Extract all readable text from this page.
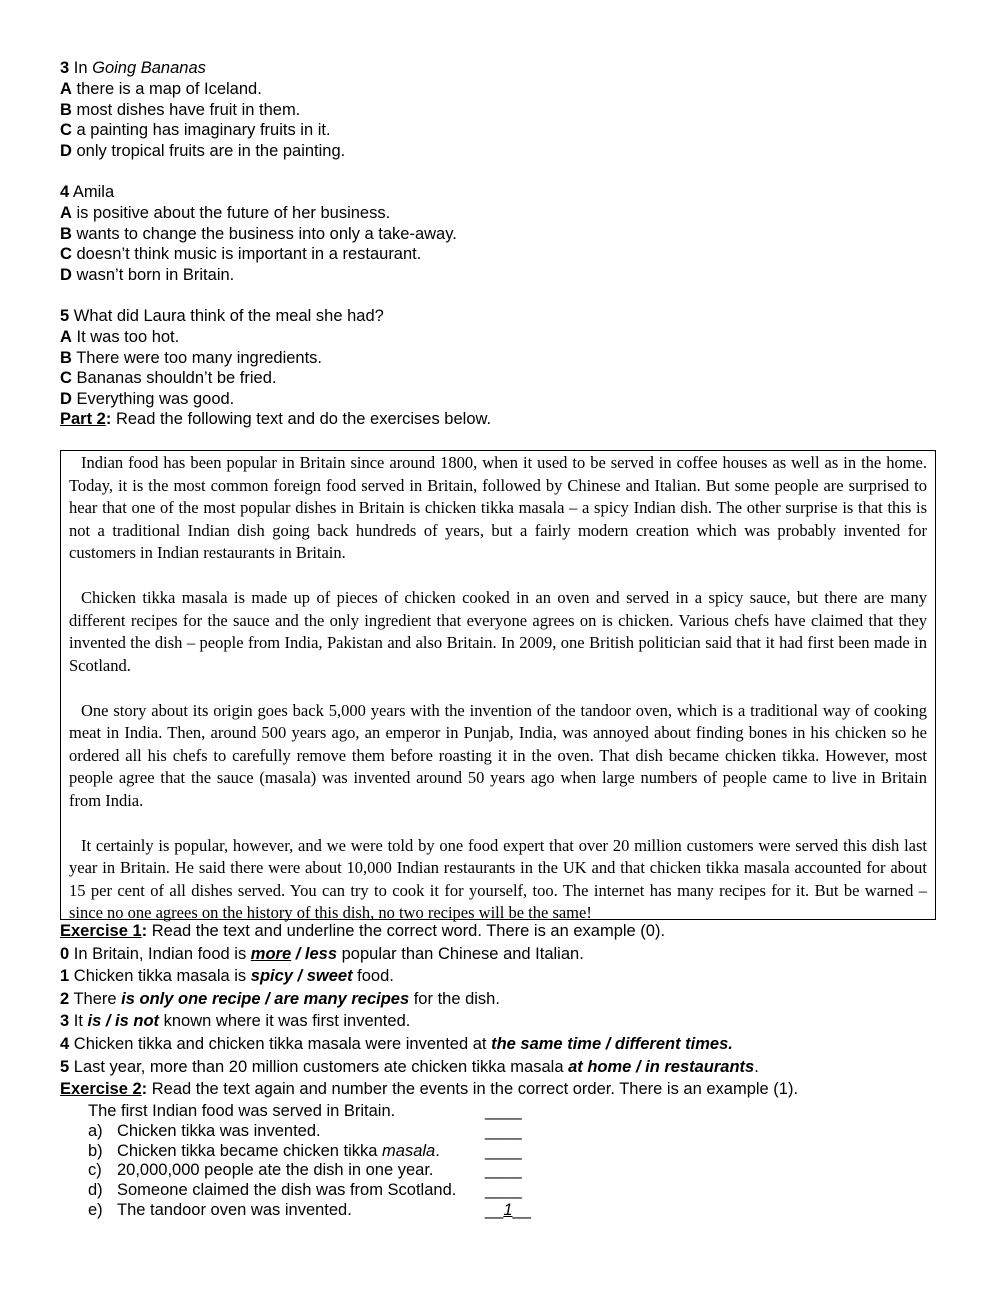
3 In Going Bananas
A there is a map of Iceland.
B most dishes have fruit in them.
C a painting has imaginary fruits in it.
D only tropical fruits are in the painting.
4 Amila
A is positive about the future of her business.
B wants to change the business into only a take-away.
C doesn’t think music is important in a restaurant.
D wasn’t born in Britain.
5 What did Laura think of the meal she had?
A It was too hot.
B There were too many ingredients.
C Bananas shouldn’t be fried.
D Everything was good.
Part 2: Read the following text and do the exercises below.

Indian food has been popular in Britain since around 1800, when it used to be served in coffee houses as well as in the home. Today, it is the most common foreign food served in Britain, followed by Chinese and Italian. But some people are surprised to hear that one of the most popular dishes in Britain is chicken tikka masala – a spicy Indian dish. The other surprise is that this is not a traditional Indian dish going back hundreds of years, but a fairly modern creation which was probably invented for customers in Indian restaurants in Britain.

Chicken tikka masala is made up of pieces of chicken cooked in an oven and served in a spicy sauce, but there are many different recipes for the sauce and the only ingredient that everyone agrees on is chicken. Various chefs have claimed that they invented the dish – people from India, Pakistan and also Britain. In 2009, one British politician said that it had first been made in Scotland.

One story about its origin goes back 5,000 years with the invention of the tandoor oven, which is a traditional way of cooking meat in India. Then, around 500 years ago, an emperor in Punjab, India, was annoyed about finding bones in his chicken so he ordered all his chefs to carefully remove them before roasting it in the oven. That dish became chicken tikka. However, most people agree that the sauce (masala) was invented around 50 years ago when large numbers of people came to live in Britain from India.

It certainly is popular, however, and we were told by one food expert that over 20 million customers were served this dish last year in Britain. He said there were about 10,000 Indian restaurants in the UK and that chicken tikka masala accounted for about 15 per cent of all dishes served. You can try to cook it for yourself, too. The internet has many recipes for it. But be warned – since no one agrees on the history of this dish, no two recipes will be the same!

Exercise 1: Read the text and underline the correct word. There is an example (0).
0 In Britain, Indian food is more / less popular than Chinese and Italian.
1 Chicken tikka masala is spicy / sweet food.
2 There is only one recipe / are many recipes for the dish.
3 It is / is not known where it was first invented.
4 Chicken tikka and chicken tikka masala were invented at the same time / different times.
5 Last year, more than 20 million customers ate chicken tikka masala at home / in restaurants.
Exercise 2: Read the text again and number the events in the correct order. There is an example (1).
The first Indian food was served in Britain.	____
a) Chicken tikka was invented.	____
b) Chicken tikka became chicken tikka masala.	____
c) 20,000,000 people ate the dish in one year.	____
d) Someone claimed the dish was from Scotland. ____
e) The tandoor oven was invented.	__1__
